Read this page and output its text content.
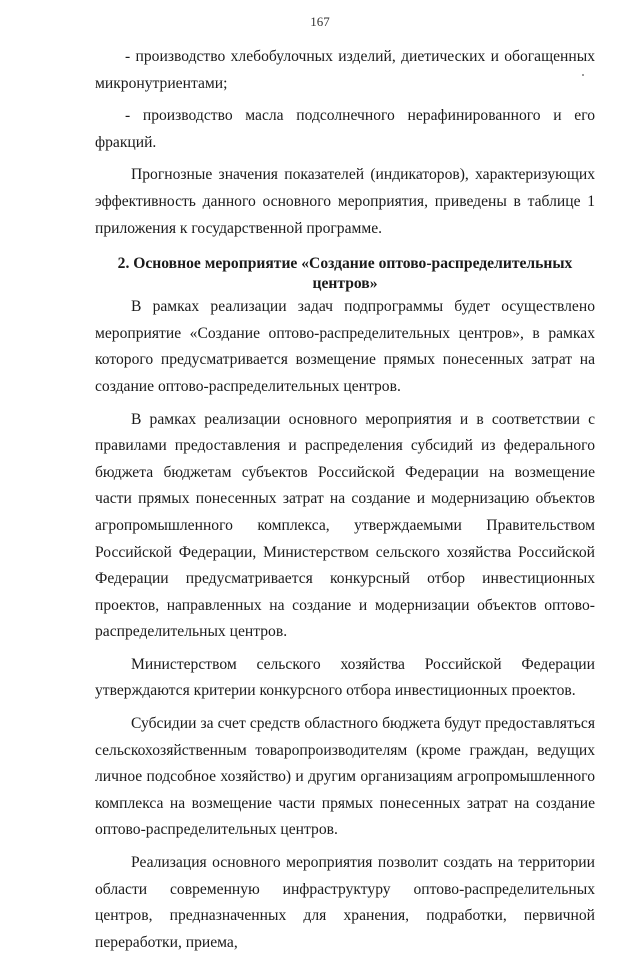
167

- производство хлебобулочных изделий, диетических и обогащенных микронутриентами;

- производство масла подсолнечного нерафинированного и его фракций.

Прогнозные значения показателей (индикаторов), характеризующих эффективность данного основного мероприятия, приведены в таблице 1 приложения к государственной программе.

2. Основное мероприятие «Создание оптово-распределительных центров»

В рамках реализации задач подпрограммы будет осуществлено мероприятие «Создание оптово-распределительных центров», в рамках которого предусматривается возмещение прямых понесенных затрат на создание оптово-распределительных центров.

В рамках реализации основного мероприятия и в соответствии с правилами предоставления и распределения субсидий из федерального бюджета бюджетам субъектов Российской Федерации на возмещение части прямых понесенных затрат на создание и модернизацию объектов агропромышленного комплекса, утверждаемыми Правительством Российской Федерации, Министерством сельского хозяйства Российской Федерации предусматривается конкурсный отбор инвестиционных проектов, направленных на создание и модернизации объектов оптово-распределительных центров.

Министерством сельского хозяйства Российской Федерации утверждаются критерии конкурсного отбора инвестиционных проектов.

Субсидии за счет средств областного бюджета будут предоставляться сельскохозяйственным товаропроизводителям (кроме граждан, ведущих личное подсобное хозяйство) и другим организациям агропромышленного комплекса на возмещение части прямых понесенных затрат на создание оптово-распределительных центров.

Реализация основного мероприятия позволит создать на территории области современную инфраструктуру оптово-распределительных центров, предназначенных для хранения, подработки, первичной переработки, приема,
